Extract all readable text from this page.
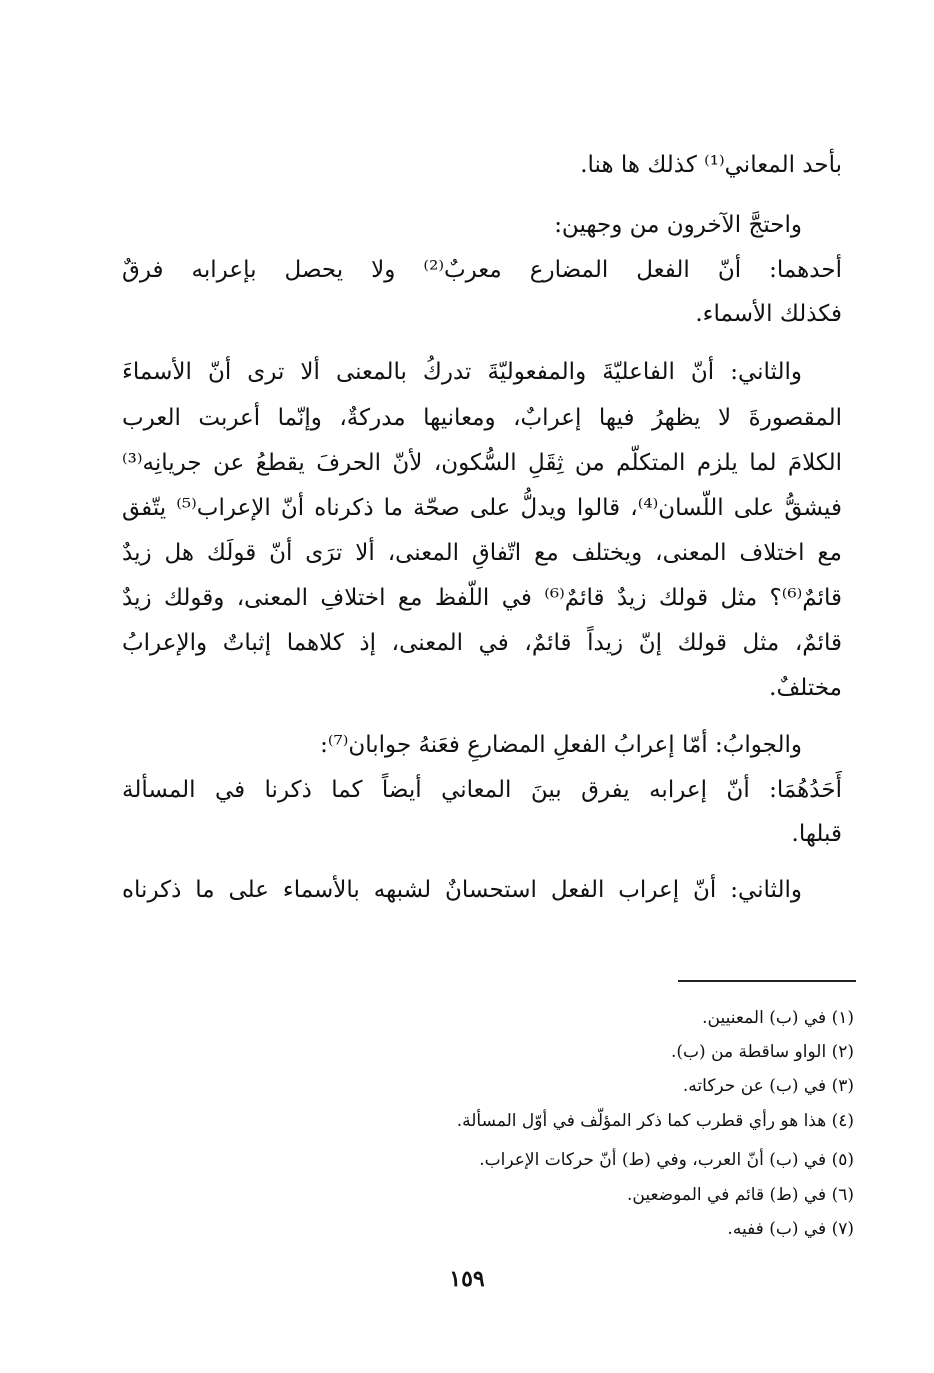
بأحد المعاني⁽¹⁾ كذلك ها هنا.
واحتجَّ الآخرون من وجهين:
أحدهما: أنّ الفعل المضارع معربٌ⁽²⁾ ولا يحصل بإعرابه فرقٌ
فكذلك الأسماء.
والثاني: أنّ الفاعليّةَ والمفعوليّةَ تدركُ بالمعنى ألا ترى أنّ الأسماءَ
المقصورةَ لا يظهرُ فيها إعرابٌ، ومعانيها مدركةٌ، وإنّما أعربت العرب
الكلامَ لما يلزم المتكلّم من ثِقَلِ السُّكون، لأنّ الحرفَ يقطعُ عن جريانِه⁽³⁾
فيشقُّ على اللّسان⁽⁴⁾، قالوا ويدلُّ على صحّة ما ذكرناه أنّ الإعراب⁽⁵⁾ يتّفق
مع اختلاف المعنى، ويختلف مع اتّفاقِ المعنى، ألا ترَى أنّ قولَك هل زيدٌ
قائمٌ⁽⁶⁾؟ مثل قولك زيدٌ قائمٌ⁽⁶⁾ في اللّفظ مع اختلافِ المعنى، وقولك زيدٌ
قائمٌ، مثل قولك إنّ زيداً قائمٌ، في المعنى، إذ كلاهما إثباتٌ والإعرابُ
مختلفٌ.
والجوابُ: أمّا إعرابُ الفعلِ المضارعِ فعَنهُ جوابان⁽⁷⁾:
أَحَدُهُمَا: أنّ إعرابه يفرق بينَ المعاني أيضاً كما ذكرنا في المسألة
قبلها.
والثاني: أنّ إعراب الفعل استحسانٌ لشبهه بالأسماء على ما ذكرناه
(١) في (ب) المعنيين.
(٢) الواو ساقطة من (ب).
(٣) في (ب) عن حركاته.
(٤) هذا هو رأي قطرب كما ذكر المؤلّف في أوّل المسألة.
(٥) في (ب) أنّ العرب، وفي (ط) أنّ حركات الإعراب.
(٦) في (ط) قائم في الموضعين.
(٧) في (ب) ففيه.
١٥٩
